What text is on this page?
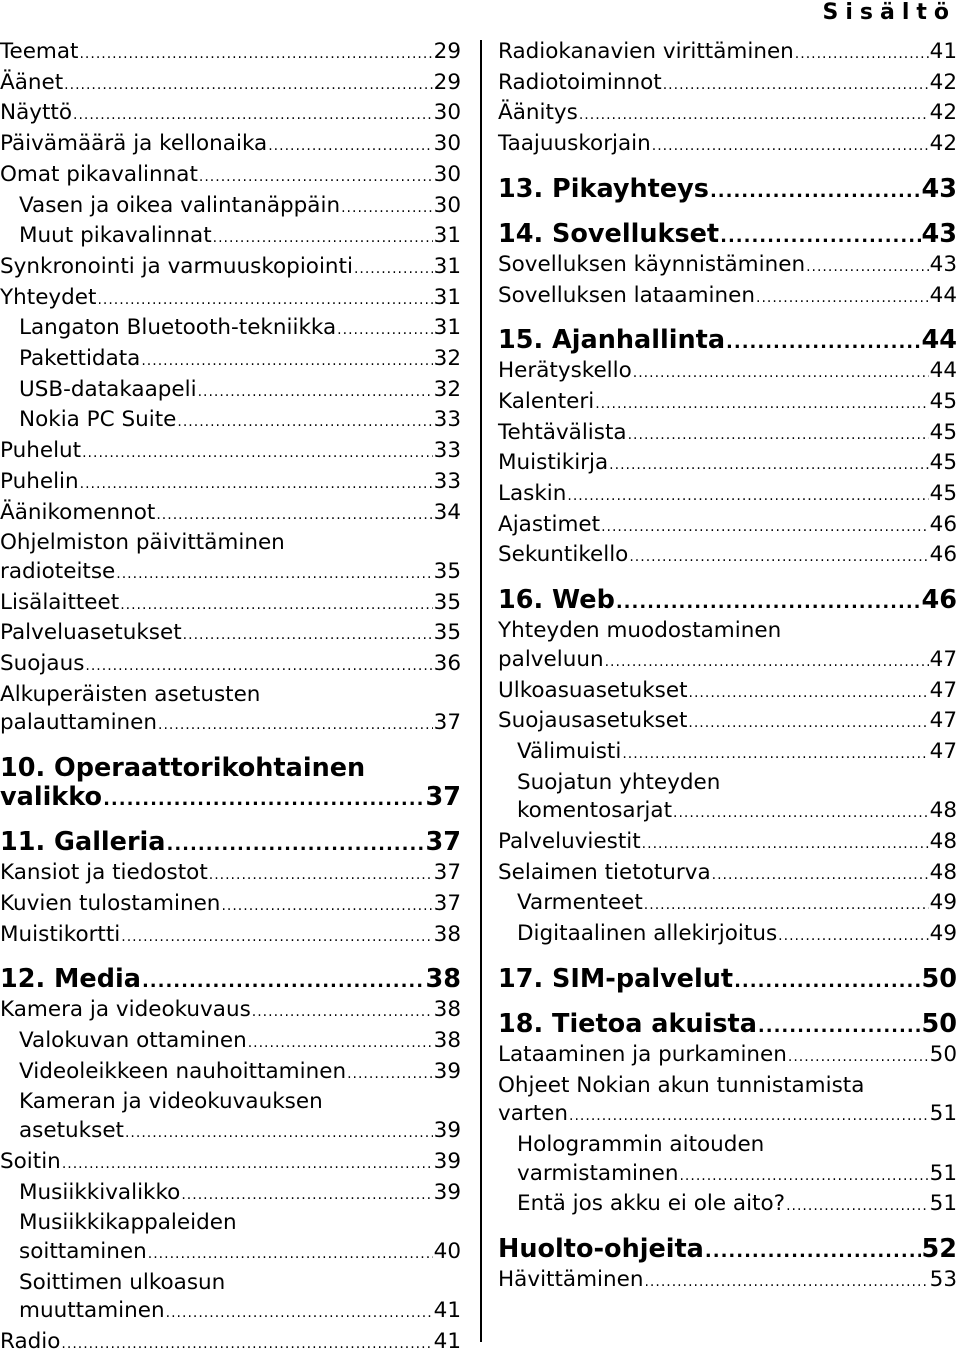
Sisältö
Teemat .....	29
Äänet .....	29
Näyttö .....	30
Päivämäärä ja kellonaika .....	30
Omat pikavalinnat .....	30
Vasen ja oikea valintanäppäin .....	30
Muut pikavalinnat .....	31
Synkronointi ja varmuuskopiointi .....	31
Yhteydet .....	31
Langaton Bluetooth-tekniikka .....	31
Pakettidata .....	32
USB-datakaapeli .....	32
Nokia PC Suite .....	33
Puhelut .....	33
Puhelin .....	33
Äänikomennot .....	34
Ohjelmiston päivittäminen
radioteitse .....	35
Lisälaitteet .....	35
Palveluasetukset .....	35
Suojaus .....	36
Alkuperäisten asetusten
palauttaminen .....	37
10. Operaattorikohtainen
valikko .....	37
11. Galleria .....	37
Kansiot ja tiedostot .....	37
Kuvien tulostaminen .....	37
Muistikortti .....	38
12. Media .....	38
Kamera ja videokuvaus .....	38
Valokuvan ottaminen .....	38
Videoleikkeen nauhoittaminen .....	39
Kameran ja videokuvauksen
asetukset .....	39
Soitin .....	39
Musiikkivalikko .....	39
Musiikkikappaleiden
soittaminen .....	40
Soittimen ulkoasun
muuttaminen .....	41
Radio .....	41
Radiokanavien virittäminen .....	41
Radiotoiminnot .....	42
Äänitys .....	42
Taajuuskorjain .....	42
13. Pikayhteys .....	43
14. Sovellukset .....	43
Sovelluksen käynnistäminen .....	43
Sovelluksen lataaminen .....	44
15. Ajanhallinta .....	44
Herätyskello .....	44
Kalenteri .....	45
Tehtävälista .....	45
Muistikirja .....	45
Laskin .....	45
Ajastimet .....	46
Sekuntikello .....	46
16. Web .....	46
Yhteyden muodostaminen
palveluun .....	47
Ulkoasuasetukset .....	47
Suojausasetukset .....	47
Välimuisti .....	47
Suojatun yhteyden
komentosarjat .....	48
Palveluviestit .....	48
Selaimen tietoturva .....	48
Varmenteet .....	49
Digitaalinen allekirjoitus .....	49
17. SIM-palvelut .....	50
18. Tietoa akuista .....	50
Lataaminen ja purkaminen .....	50
Ohjeet Nokian akun tunnistamista
varten .....	51
Hologrammin aitouden
varmistaminen .....	51
Entä jos akku ei ole aito? .....	51
Huolto-ohjeita .....	52
Hävittäminen .....	53
